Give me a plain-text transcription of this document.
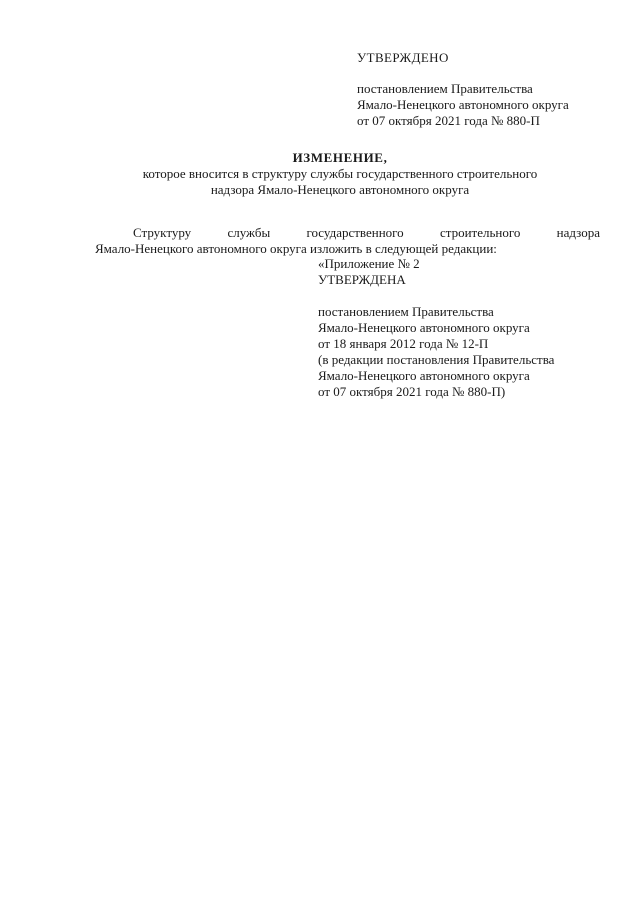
УТВЕРЖДЕНО
постановлением Правительства
Ямало-Ненецкого автономного округа
от 07 октября 2021 года № 880-П
ИЗМЕНЕНИЕ,
которое вносится в структуру службы государственного строительного
надзора Ямало-Ненецкого автономного округа
Структуру	службы	государственного	строительного	надзора
Ямало-Ненецкого автономного округа изложить в следующей редакции:
«Приложение № 2
УТВЕРЖДЕНА
постановлением Правительства
Ямало-Ненецкого автономного округа
от 18 января 2012 года № 12-П
(в редакции постановления Правительства
Ямало-Ненецкого автономного округа
от 07 октября 2021 года № 880-П)
